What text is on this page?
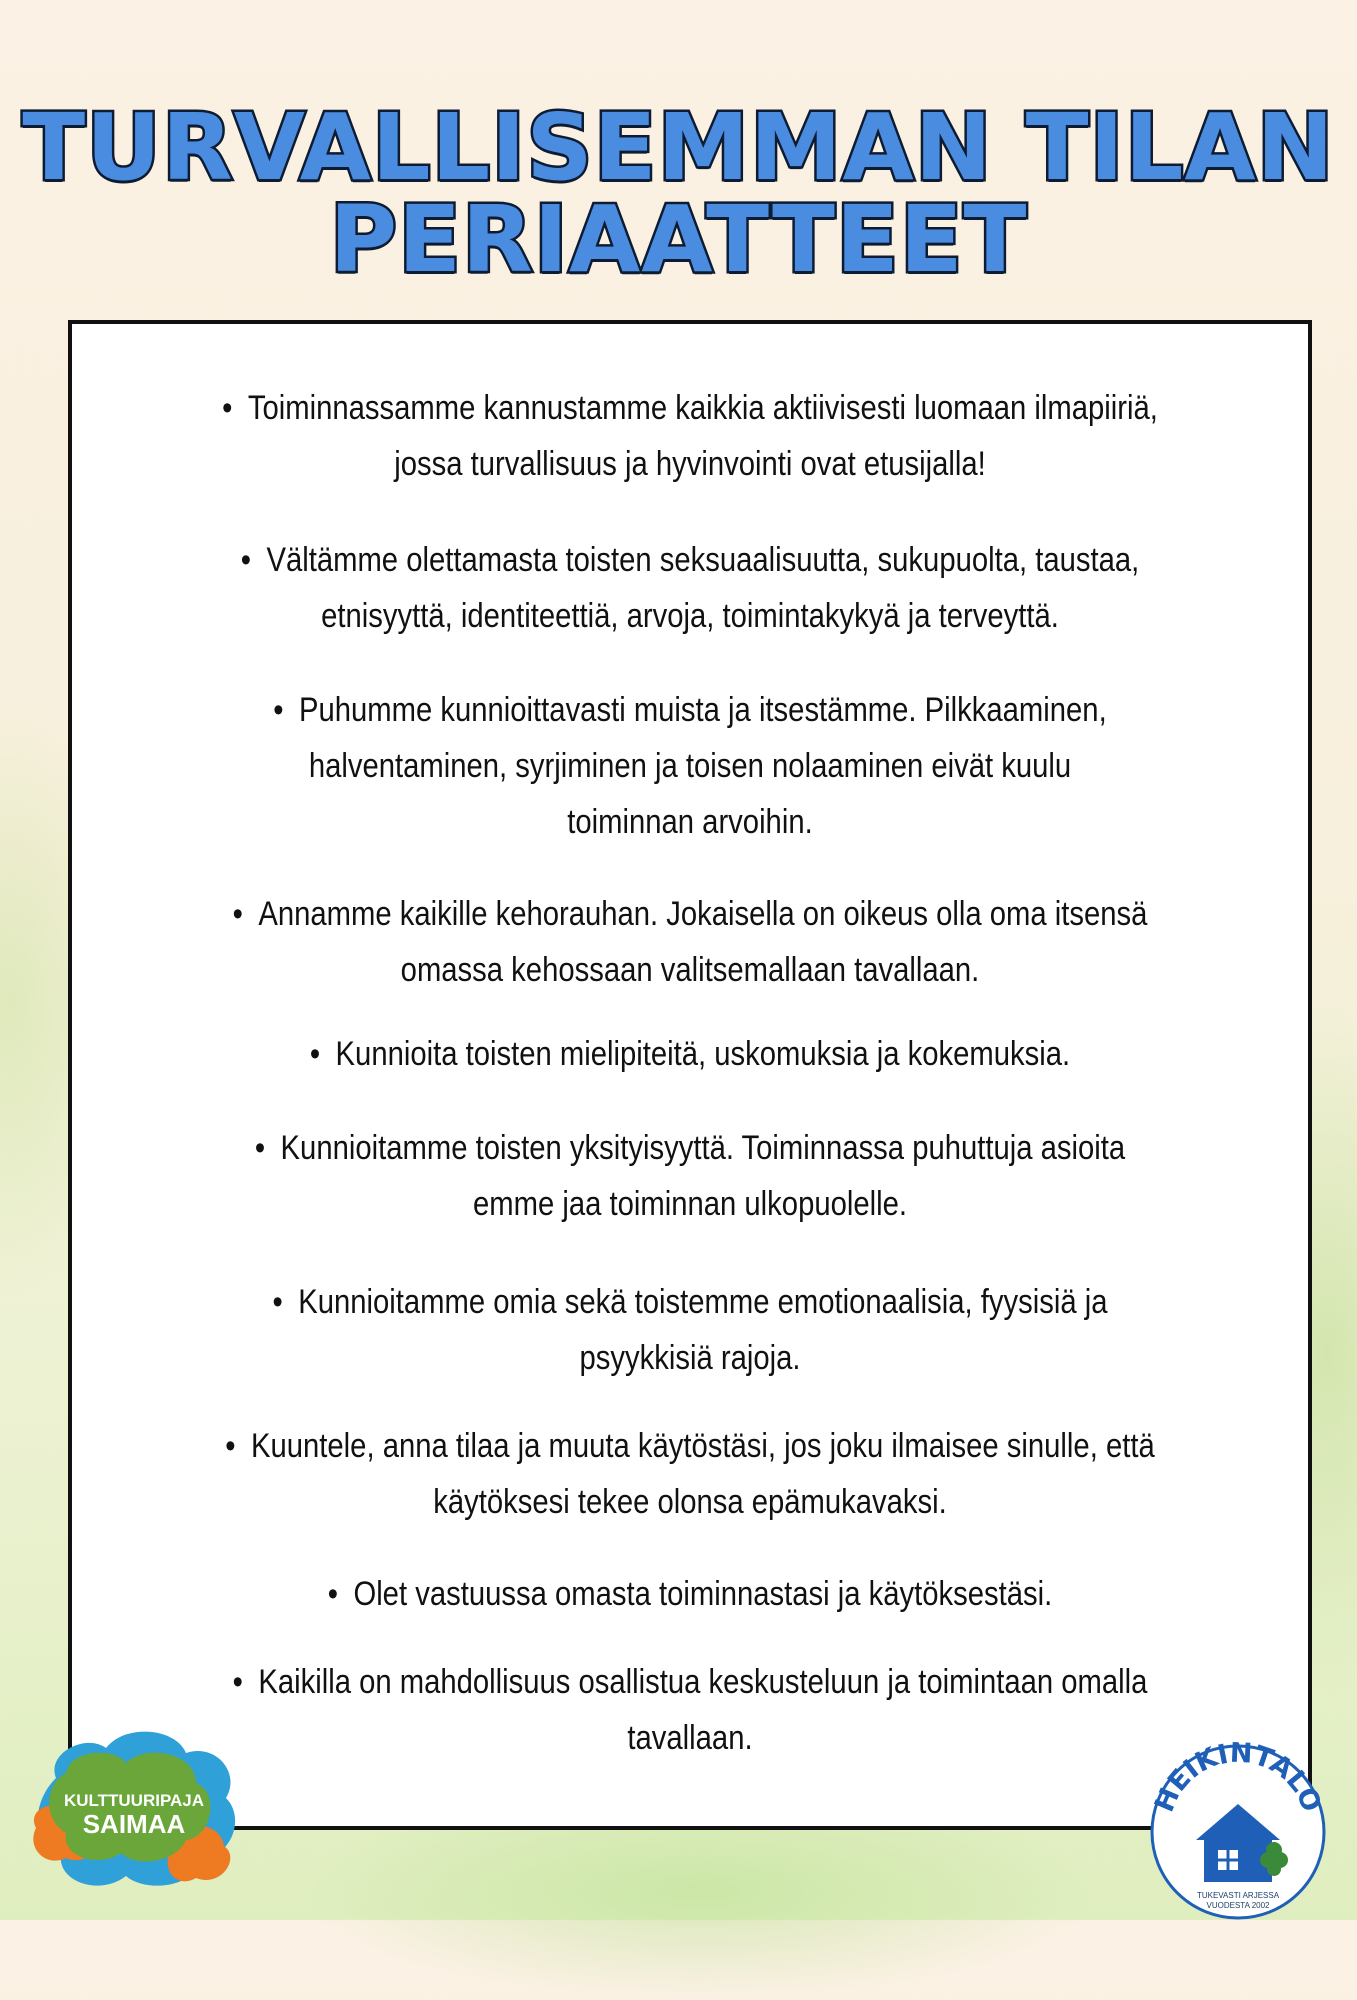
TURVALLISEMMAN TILAN
PERIAATTEET
• Toiminnassamme kannustamme kaikkia aktiivisesti luomaan ilmapiiriä,
jossa turvallisuus ja hyvinvointi ovat etusijalla!
• Vältämme olettamasta toisten seksuaalisuutta, sukupuolta, taustaa,
etnisyyttä, identiteettiä, arvoja, toimintakykyä ja terveyttä.
• Puhumme kunnioittavasti muista ja itsestämme. Pilkkaaminen,
halventaminen, syrjiminen ja toisen nolaaminen eivät kuulu
toiminnan arvoihin.
• Annamme kaikille kehorauhan. Jokaisella on oikeus olla oma itsensä
omassa kehossaan valitsemallaan tavallaan.
• Kunnioita toisten mielipiteitä, uskomuksia ja kokemuksia.
• Kunnioitamme toisten yksityisyyttä. Toiminnassa puhuttuja asioita
emme jaa toiminnan ulkopuolelle.
• Kunnioitamme omia sekä toistemme emotionaalisia, fyysisiä ja
psyykkisiä rajoja.
• Kuuntele, anna tilaa ja muuta käytöstäsi, jos joku ilmaisee sinulle, että
käytöksesi tekee olonsa epämukavaksi.
• Olet vastuussa omasta toiminnastasi ja käytöksestäsi.
• Kaikilla on mahdollisuus osallistua keskusteluun ja toimintaan omalla
tavallaan.
KULTTUURIPAJA
SAIMAA
HEIKINTALO
TUKEVASTI ARJESSA
VUODESTA 2002
